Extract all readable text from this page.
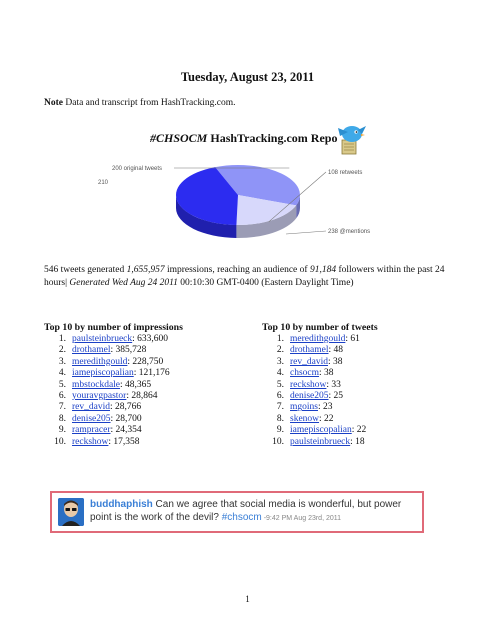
Tuesday, August 23, 2011
Note Data and transcript from HashTracking.com.
#CHSOCM HashTracking.com Repo
210
200 original tweets
108 retweets
238 @mentions
546 tweets generated 1,655,957 impressions, reaching an audience of 91,184 followers within the past 24 hours| Generated Wed Aug 24 2011 00:10:30 GMT-0400 (Eastern Daylight Time)
Top 10 by number of impressions
1. paulsteinbrueck: 633,600
2. drothamel: 385,728
3. meredithgould: 228,750
4. iamepiscopalian: 121,176
5. mbstockdale: 48,365
6. youravgpastor: 28,864
7. rev_david: 28,766
8. denise205: 28,700
9. rampracer: 24,354
10. reckshow: 17,358
Top 10 by number of tweets
1. meredithgould: 61
2. drothamel: 48
3. rev_david: 38
4. chsocm: 38
5. reckshow: 33
6. denise205: 25
7. mgoins: 23
8. skenow: 22
9. iamepiscopalian: 22
10. paulsteinbrueck: 18
buddhaphish Can we agree that social media is wonderful, but power point is the work of the devil? #chsocm -9:42 PM Aug 23rd, 2011
1
